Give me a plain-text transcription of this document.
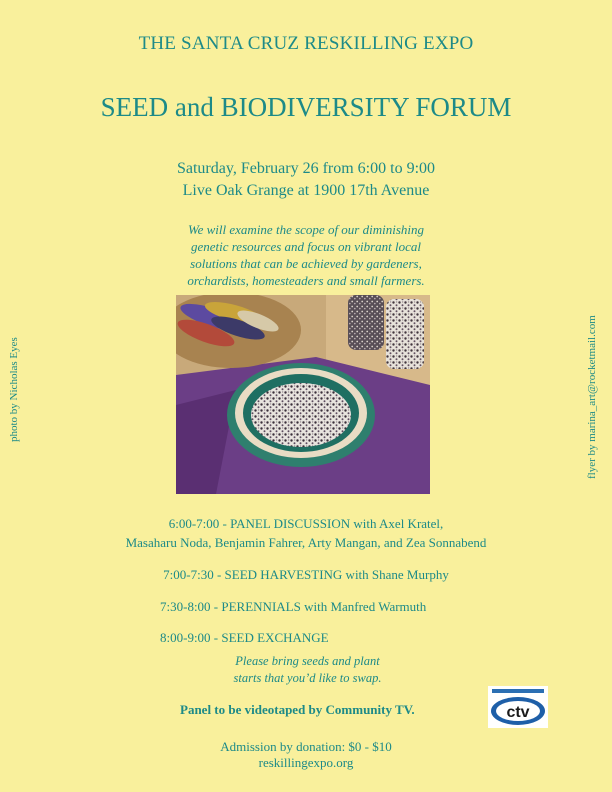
THE SANTA CRUZ RESKILLING EXPO
SEED and BIODIVERSITY FORUM
Saturday, February 26 from 6:00 to 9:00
Live Oak Grange at 1900 17th Avenue
We will examine the scope of our diminishing
genetic resources and focus on vibrant local
solutions that can be achieved by gardeners,
orchardists, homesteaders and small farmers.
photo by Nicholas Eyes	flyer by marina_art@rocketmail.com
6:00-7:00 - PANEL DISCUSSION with Axel Kratel,
Masaharu Noda, Benjamin Fahrer, Arty Mangan, and Zea Sonnabend
7:00-7:30 - SEED HARVESTING with Shane Murphy
7:30-8:00 - PERENNIALS with Manfred Warmuth
8:00-9:00 - SEED EXCHANGE
Please bring seeds and plant
starts that you’d like to swap.
Panel to be videotaped by Community TV.	ctv
Admission by donation: $0 - $10
reskillingexpo.org
